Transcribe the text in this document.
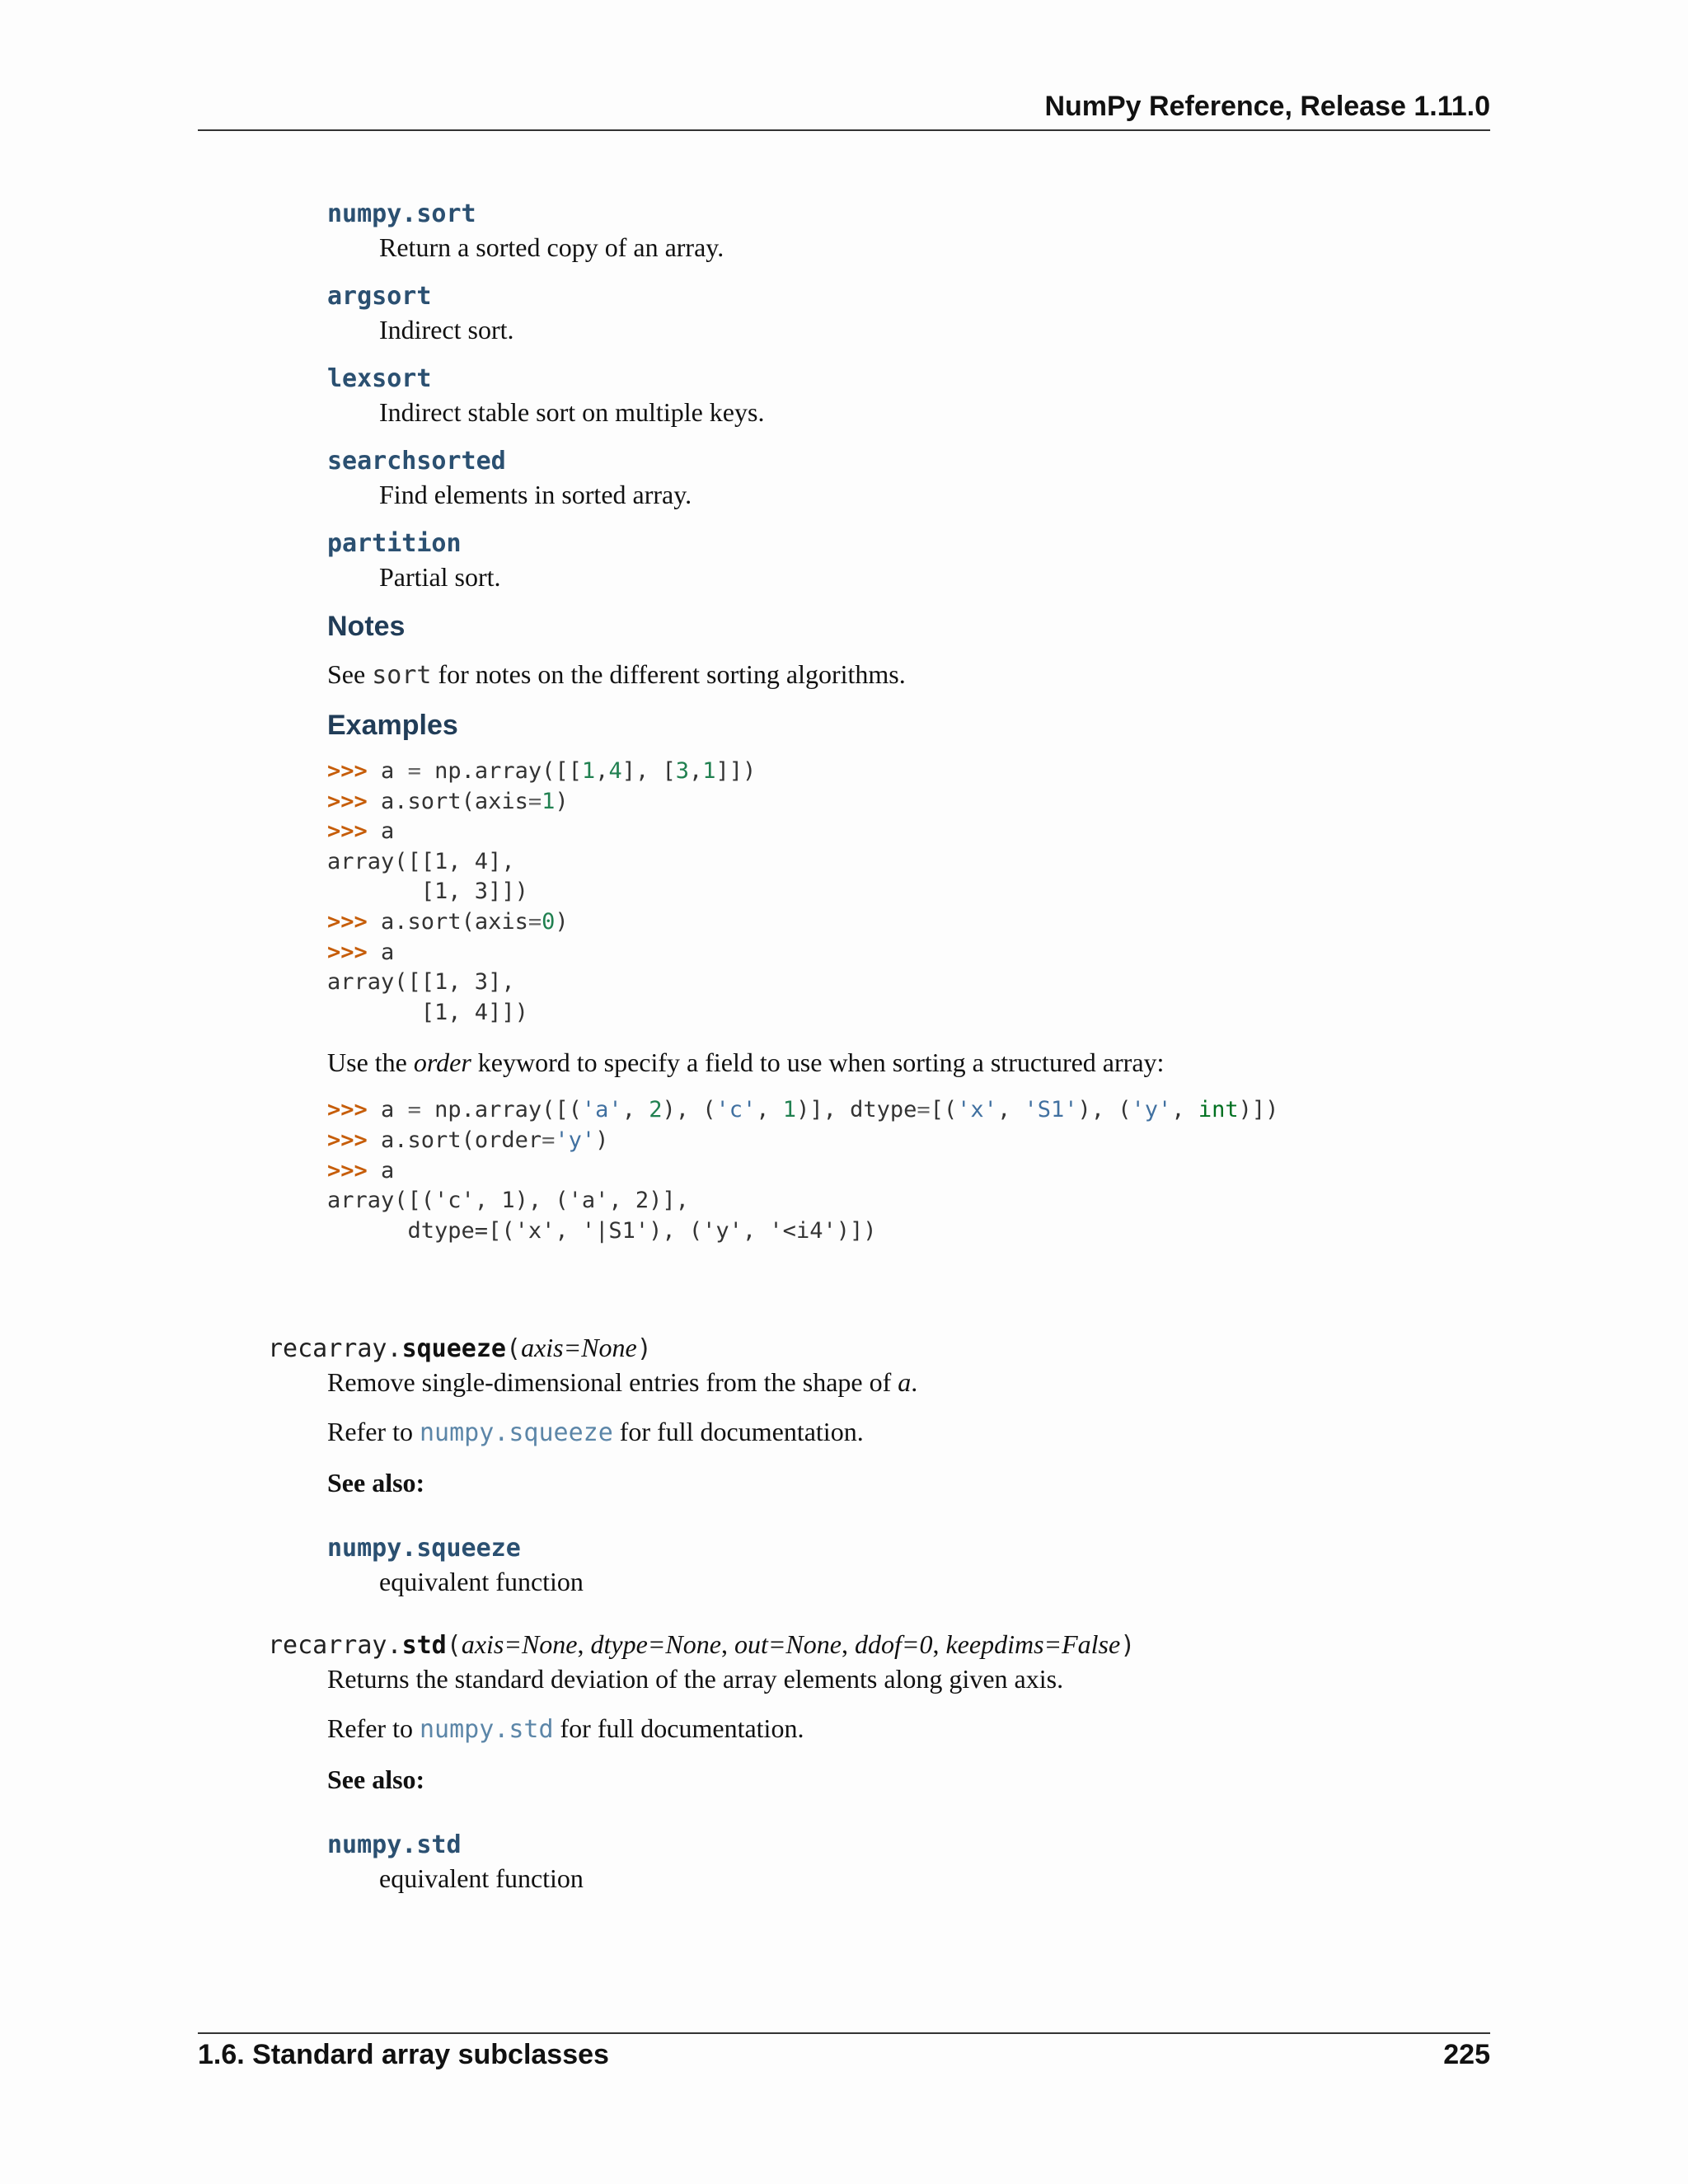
NumPy Reference, Release 1.11.0
numpy.sort
Return a sorted copy of an array.
argsort
Indirect sort.
lexsort
Indirect stable sort on multiple keys.
searchsorted
Find elements in sorted array.
partition
Partial sort.
Notes

See sort for notes on the different sorting algorithms.

Examples
>>> a = np.array([[1,4], [3,1]])
>>> a.sort(axis=1)
>>> a
array([[1, 4],
[1, 3]])
>>> a.sort(axis=0)
>>> a
array([[1, 3],
[1, 4]])

Use the order keyword to specify a field to use when sorting a structured array:

>>> a = np.array([('a', 2), ('c', 1)], dtype=[('x', 'S1'), ('y', int)])
>>> a.sort(order='y')
>>> a
array([('c', 1), ('a', 2)],
dtype=[('x', '|S1'), ('y', '<i4')])
recarray.squeeze(axis=None)

Remove single-dimensional entries from the shape of a.

Refer to numpy.squeeze for full documentation.

See also:
numpy.squeeze
equivalent function
recarray.std(axis=None, dtype=None, out=None, ddof=0, keepdims=False)

Returns the standard deviation of the array elements along given axis.

Refer to numpy.std for full documentation.

See also:
numpy.std
equivalent function
1.6. Standard array subclasses	225
